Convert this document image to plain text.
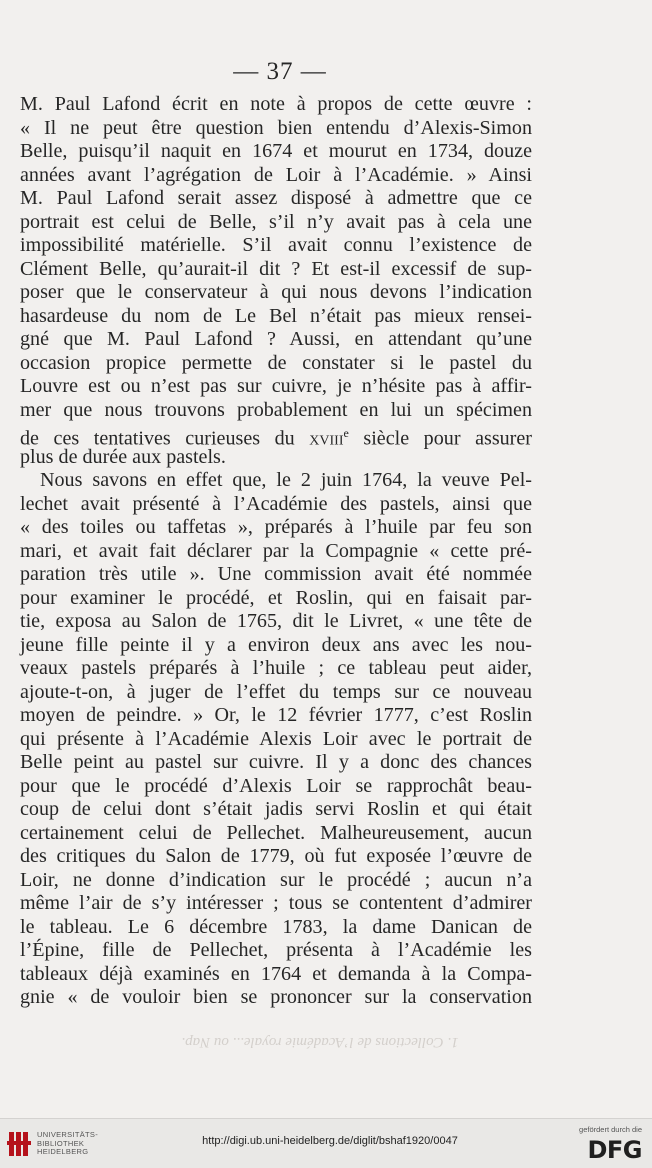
— 37 —
M. Paul Lafond écrit en note à propos de cette œuvre :
« Il ne peut être question bien entendu d’Alexis-Simon
Belle, puisqu’il naquit en 1674 et mourut en 1734, douze
années avant l’agrégation de Loir à l’Académie. » Ainsi
M. Paul Lafond serait assez disposé à admettre que ce
portrait est celui de Belle, s’il n’y avait pas à cela une
impossibilité matérielle. S’il avait connu l’existence de
Clément Belle, qu’aurait-il dit ? Et est-il excessif de sup-
poser que le conservateur à qui nous devons l’indication
hasardeuse du nom de Le Bel n’était pas mieux rensei-
gné que M. Paul Lafond ? Aussi, en attendant qu’une
occasion propice permette de constater si le pastel du
Louvre est ou n’est pas sur cuivre, je n’hésite pas à affir-
mer que nous trouvons probablement en lui un spécimen
de ces tentatives curieuses du xviii$^e$ siècle pour assurer
plus de durée aux pastels.
Nous savons en effet que, le 2 juin 1764, la veuve Pel-
lechet avait présenté à l’Académie des pastels, ainsi que
« des toiles ou taffetas », préparés à l’huile par feu son
mari, et avait fait déclarer par la Compagnie « cette pré-
paration très utile ». Une commission avait été nommée
pour examiner le procédé, et Roslin, qui en faisait par-
tie, exposa au Salon de 1765, dit le Livret, « une tête de
jeune fille peinte il y a environ deux ans avec les nou-
veaux pastels préparés à l’huile ; ce tableau peut aider,
ajoute-t-on, à juger de l’effet du temps sur ce nouveau
moyen de peindre. » Or, le 12 février 1777, c’est Roslin
qui présente à l’Académie Alexis Loir avec le portrait de
Belle peint au pastel sur cuivre. Il y a donc des chances
pour que le procédé d’Alexis Loir se rapprochât beau-
coup de celui dont s’était jadis servi Roslin et qui était
certainement celui de Pellechet. Malheureusement, aucun
des critiques du Salon de 1779, où fut exposée l’œuvre de
Loir, ne donne d’indication sur le procédé ; aucun n’a
même l’air de s’y intéresser ; tous se contentent d’admirer
le tableau. Le 6 décembre 1783, la dame Danican de
l’Épine, fille de Pellechet, présenta à l’Académie les
tableaux déjà examinés en 1764 et demanda à la Compa-
gnie « de vouloir bien se prononcer sur la conservation
1. Collections de l’Académie royale... ou Nap.
UNIVERSITÄTS-
BIBLIOTHEK
HEIDELBERG
http://digi.ub.uni-heidelberg.de/diglit/bshaf1920/0047
gefördert durch die
DFG
